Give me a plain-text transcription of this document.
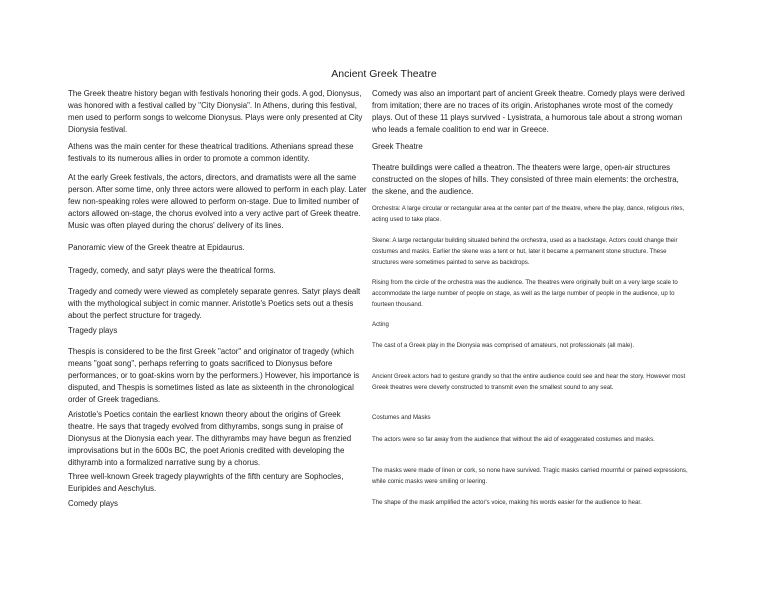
Ancient Greek Theatre

The Greek theatre history began with festivals honoring their gods. A god, Dionysus, was honored with a festival called by "City Dionysia". In Athens, during this festival, men used to perform songs to welcome Dionysus. Plays were only presented at City Dionysia festival.

Athens was the main center for these theatrical traditions. Athenians spread these festivals to its numerous allies in order to promote a common identity.

At the early Greek festivals, the actors, directors, and dramatists were all the same person. After some time, only three actors were allowed to perform in each play. Later few non-speaking roles were allowed to perform on-stage. Due to limited number of actors allowed on-stage, the chorus evolved into a very active part of Greek theatre. Music was often played during the chorus' delivery of its lines.

Panoramic view of the Greek theatre at Epidaurus.

Tragedy, comedy, and satyr plays were the theatrical forms.

Tragedy and comedy were viewed as completely separate genres. Satyr plays dealt with the mythological subject in comic manner. Aristotle's Poetics sets out a thesis about the perfect structure for tragedy.

Tragedy plays

Thespis is considered to be the first Greek "actor" and originator of tragedy (which means "goat song", perhaps referring to goats sacrificed to Dionysus before performances, or to goat-skins worn by the performers.) However, his importance is disputed, and Thespis is sometimes listed as late as sixteenth in the chronological order of Greek tragedians.

Aristotle's Poetics contain the earliest known theory about the origins of Greek theatre. He says that tragedy evolved from dithyrambs, songs sung in praise of Dionysus at the Dionysia each year. The dithyrambs may have begun as frenzied improvisations but in the 600s BC, the poet Arionis credited with developing the dithyramb into a formalized narrative sung by a chorus.

Three well-known Greek tragedy playwrights of the fifth century are Sophocles, Euripides and Aeschylus.

Comedy plays

Comedy was also an important part of ancient Greek theatre. Comedy plays were derived from imitation; there are no traces of its origin. Aristophanes wrote most of the comedy plays. Out of these 11 plays survived - Lysistrata, a humorous tale about a strong woman who leads a female coalition to end war in Greece.

Greek Theatre

Theatre buildings were called a theatron. The theaters were large, open-air structures constructed on the slopes of hills. They consisted of three main elements: the orchestra, the skene, and the audience.

Orchestra: A large circular or rectangular area at the center part of the theatre, where the play, dance, religious rites, acting used to take place.

Skene: A large rectangular building situated behind the orchestra, used as a backstage. Actors could change their costumes and masks. Earlier the skene was a tent or hut, later it became a permanent stone structure. These structures were sometimes painted to serve as backdrops.

Rising from the circle of the orchestra was the audience. The theatres were originally built on a very large scale to accommodate the large number of people on stage, as well as the large number of people in the audience, up to fourteen thousand.

Acting

The cast of a Greek play in the Dionysia was comprised of amateurs, not professionals (all male).

Ancient Greek actors had to gesture grandly so that the entire audience could see and hear the story. However most Greek theatres were cleverly constructed to transmit even the smallest sound to any seat.

Costumes and Masks

The actors were so far away from the audience that without the aid of exaggerated costumes and masks.

The masks were made of linen or cork, so none have survived. Tragic masks carried mournful or pained expressions, while comic masks were smiling or leering.

The shape of the mask amplified the actor's voice, making his words easier for the audience to hear.
